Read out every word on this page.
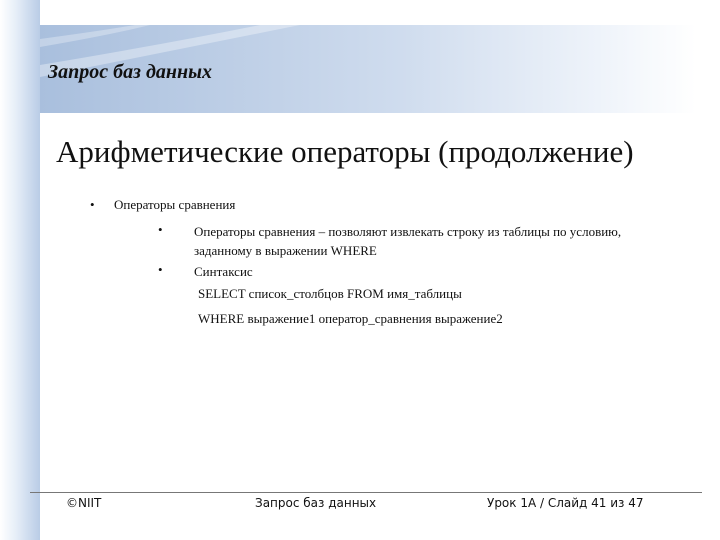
Запрос баз данных
Арифметические операторы (продолжение)
• Операторы сравнения
• Операторы сравнения – позволяют извлекать строку из таблицы по условию,
заданному в выражении WHERE
• Синтаксис
SELECT список_столбцов FROM имя_таблицы
WHERE выражение1 оператор_сравнения выражение2
©NIIT	Запрос баз данных	Урок 1A / Слайд 41 из 47
